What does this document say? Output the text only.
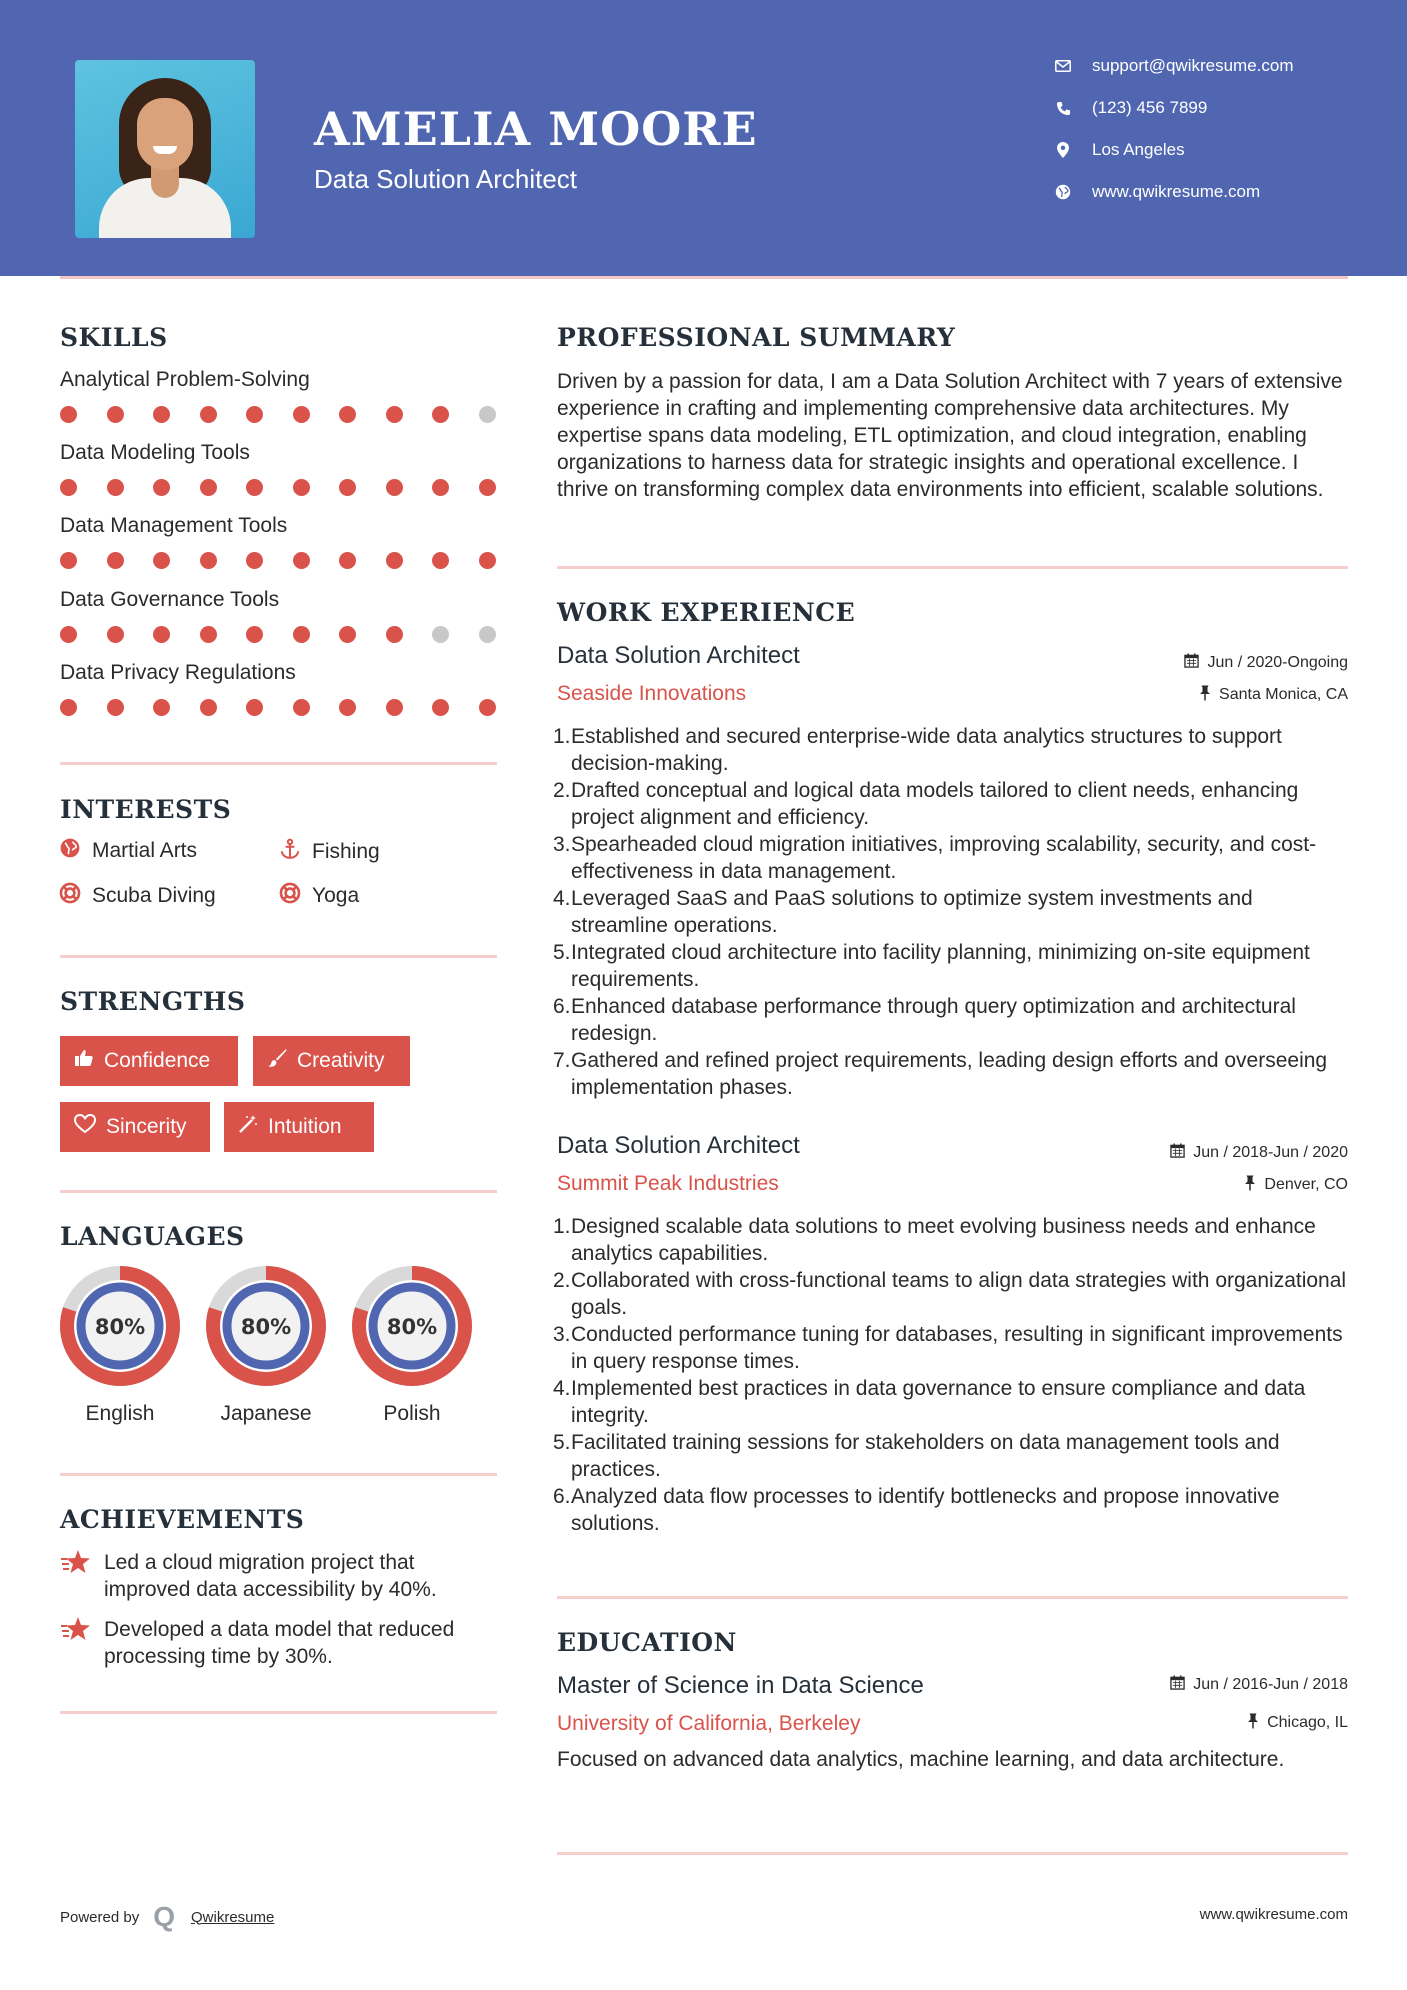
AMELIA MOORE
Data Solution Architect
support@qwikresume.com
(123) 456 7899
Los Angeles
www.qwikresume.com
SKILLS
Analytical Problem-Solving
Data Modeling Tools
Data Management Tools
Data Governance Tools
Data Privacy Regulations
INTERESTS
Martial Arts	Fishing
Scuba Diving	Yoga
STRENGTHS
Confidence	Creativity
Sincerity	Intuition
LANGUAGES
80%	80%	80%
English	Japanese	Polish
ACHIEVEMENTS
Led a cloud migration project that improved data accessibility by 40%.
Developed a data model that reduced processing time by 30%.
PROFESSIONAL SUMMARY
Driven by a passion for data, I am a Data Solution Architect with 7 years of extensive experience in crafting and implementing comprehensive data architectures. My expertise spans data modeling, ETL optimization, and cloud integration, enabling organizations to harness data for strategic insights and operational excellence. I thrive on transforming complex data environments into efficient, scalable solutions.
WORK EXPERIENCE
Data Solution Architect	Jun / 2020-Ongoing
Seaside Innovations	Santa Monica, CA
1. Established and secured enterprise-wide data analytics structures to support decision-making.
2. Drafted conceptual and logical data models tailored to client needs, enhancing project alignment and efficiency.
3. Spearheaded cloud migration initiatives, improving scalability, security, and cost-effectiveness in data management.
4. Leveraged SaaS and PaaS solutions to optimize system investments and streamline operations.
5. Integrated cloud architecture into facility planning, minimizing on-site equipment requirements.
6. Enhanced database performance through query optimization and architectural redesign.
7. Gathered and refined project requirements, leading design efforts and overseeing implementation phases.
Data Solution Architect	Jun / 2018-Jun / 2020
Summit Peak Industries	Denver, CO
1. Designed scalable data solutions to meet evolving business needs and enhance analytics capabilities.
2. Collaborated with cross-functional teams to align data strategies with organizational goals.
3. Conducted performance tuning for databases, resulting in significant improvements in query response times.
4. Implemented best practices in data governance to ensure compliance and data integrity.
5. Facilitated training sessions for stakeholders on data management tools and practices.
6. Analyzed data flow processes to identify bottlenecks and propose innovative solutions.
EDUCATION
Master of Science in Data Science	Jun / 2016-Jun / 2018
University of California, Berkeley	Chicago, IL
Focused on advanced data analytics, machine learning, and data architecture.
Powered by Q Qwikresume	www.qwikresume.com
